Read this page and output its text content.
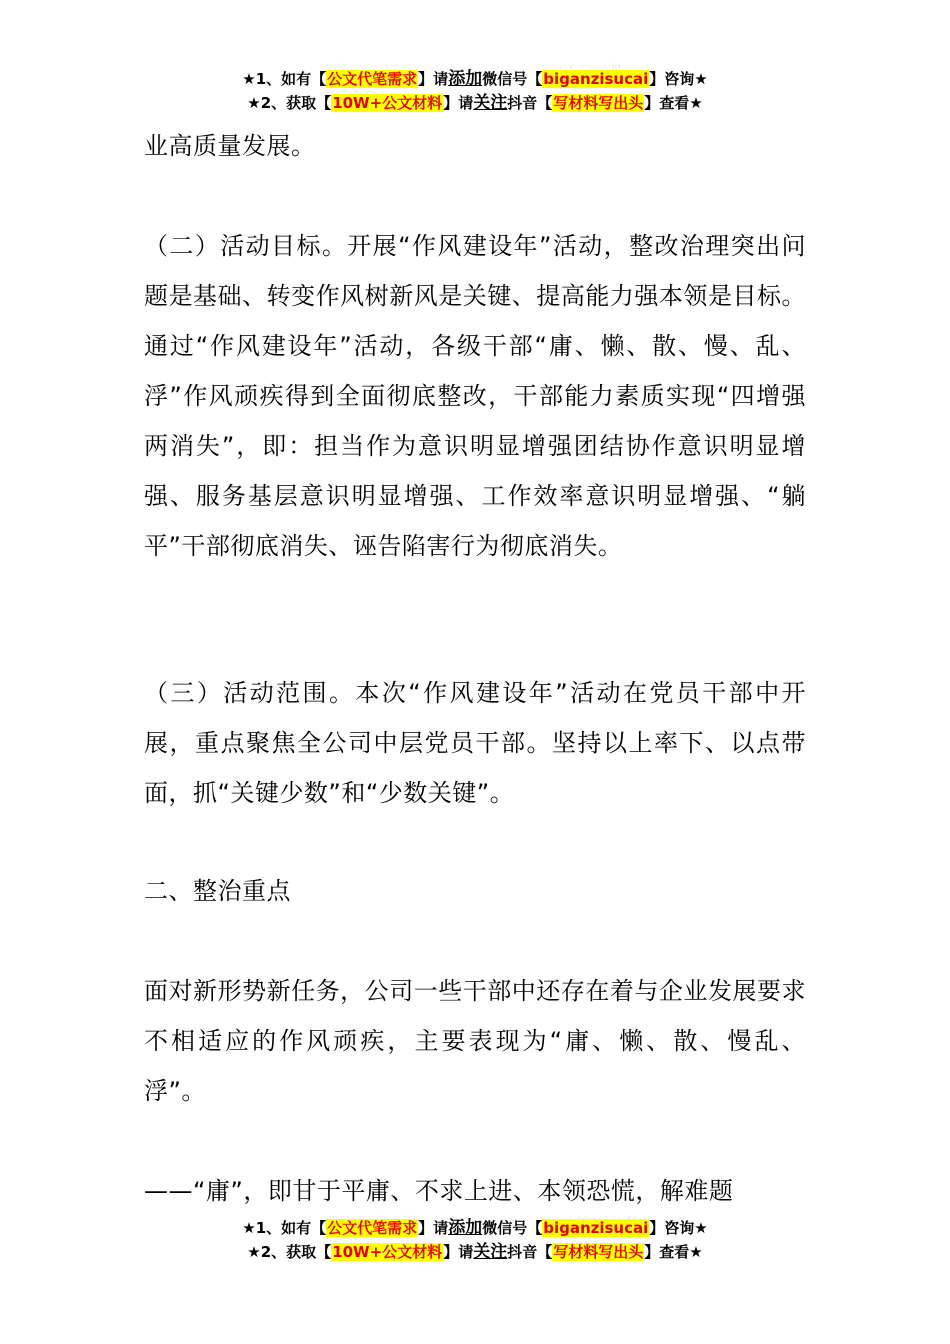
★1、如有【公文代笔需求】请添加微信号【biganzisucai】咨询★
★2、获取【10W+公文材料】请关注抖音【写材料写出头】查看★

业高质量发展。

（二）活动目标。开展“作风建设年”活动，整改治理突出问题是基础、转变作风树新风是关键、提高能力强本领是目标。通过“作风建设年”活动，各级干部“庸、懒、散、慢、乱、浮”作风顽疾得到全面彻底整改，干部能力素质实现“四增强两消失”，即：担当作为意识明显增强团结协作意识明显增强、服务基层意识明显增强、工作效率意识明显增强、“躺平”干部彻底消失、诬告陷害行为彻底消失。

（三）活动范围。本次“作风建设年”活动在党员干部中开展，重点聚焦全公司中层党员干部。坚持以上率下、以点带面，抓“关键少数”和“少数关键”。

二、整治重点

面对新形势新任务，公司一些干部中还存在着与企业发展要求不相适应的作风顽疾，主要表现为“庸、懒、散、慢乱、浮”。

——“庸”，即甘于平庸、不求上进、本领恐慌，解难题

★1、如有【公文代笔需求】请添加微信号【biganzisucai】咨询★
★2、获取【10W+公文材料】请关注抖音【写材料写出头】查看★
